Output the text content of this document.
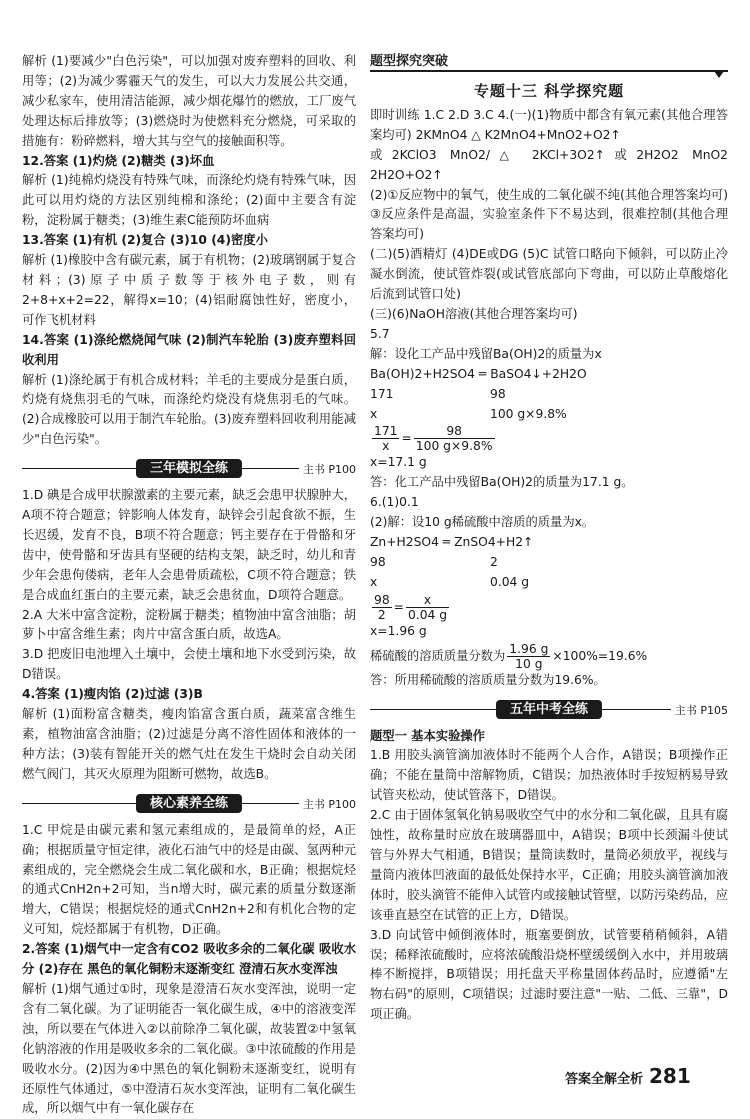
解析 (1)要减少"白色污染"，可以加强对废弃塑料的回收、利用等；(2)为减少雾霾天气的发生，可以大力发展公共交通，减少私家车，使用清洁能源，减少烟花爆竹的燃放，工厂废气处理达标后排放等；(3)燃烧时为使燃料充分燃烧，可采取的措施有：粉碎燃料，增大其与空气的接触面积等。

12.答案 (1)灼烧 (2)糖类 (3)坏血

解析 (1)纯棉灼烧没有特殊气味，而涤纶灼烧有特殊气味，因此可以用灼烧的方法区别纯棉和涤纶；(2)面中主要含有淀粉，淀粉属于糖类；(3)维生素C能预防坏血病

13.答案 (1)有机 (2)复合 (3)10 (4)密度小

解析 (1)橡胶中含有碳元素，属于有机物；(2)玻璃钢属于复合材料；(3)原子中质子数等于核外电子数，则有2+8+x+2=22，解得x=10；(4)铝耐腐蚀性好，密度小，可作飞机材料

14.答案 (1)涤纶燃烧闻气味 (2)制汽车轮胎 (3)废弃塑料回收利用

解析 (1)涤纶属于有机合成材料；羊毛的主要成分是蛋白质，灼烧有烧焦羽毛的气味，而涤纶灼烧没有烧焦羽毛的气味。(2)合成橡胶可以用于制汽车轮胎。(3)废弃塑料回收利用能减少"白色污染"。

三年模拟全练	主书 P100

1.D 碘是合成甲状腺激素的主要元素，缺乏会患甲状腺肿大，A项不符合题意；锌影响人体发育，缺锌会引起食欲不振，生长迟缓，发育不良，B项不符合题意；钙主要存在于骨骼和牙齿中，使骨骼和牙齿具有坚硬的结构支架，缺乏时，幼儿和青少年会患佝偻病，老年人会患骨质疏松，C项不符合题意；铁是合成血红蛋白的主要元素，缺乏会患贫血，D项符合题意。

2.A 大米中富含淀粉，淀粉属于糖类；植物油中富含油脂；胡萝卜中富含维生素；肉片中富含蛋白质，故选A。

3.D 把废旧电池埋入土壤中，会使土壤和地下水受到污染，故D错误。

4.答案 (1)瘦肉馅 (2)过滤 (3)B

解析 (1)面粉富含糖类，瘦肉馅富含蛋白质，蔬菜富含维生素，植物油富含油脂；(2)过滤是分离不溶性固体和液体的一种方法；(3)装有智能开关的燃气灶在发生干烧时会自动关闭燃气阀门，其灭火原理为阻断可燃物，故选B。

核心素养全练	主书 P100

1.C 甲烷是由碳元素和氢元素组成的，是最简单的烃，A正确；根据质量守恒定律，液化石油气中的烃是由碳、氢两种元素组成的，完全燃烧会生成二氧化碳和水，B正确；根据烷烃的通式CnH2n+2可知，当n增大时，碳元素的质量分数逐渐增大，C错误；根据烷烃的通式CnH2n+2和有机化合物的定义可知，烷烃都属于有机物，D正确。

2.答案 (1)烟气中一定含有CO2 吸收多余的二氧化碳 吸收水分 (2)存在 黑色的氧化铜粉末逐渐变红 澄清石灰水变浑浊

解析 (1)烟气通过①时，现象是澄清石灰水变浑浊，说明一定含有二氧化碳。为了证明能否一氧化碳生成，④中的溶液变浑浊，所以要在气体进入②以前除净二氧化碳，故装置②中氢氧化钠溶液的作用是吸收多余的二氧化碳。③中浓硫酸的作用是吸收水分。(2)因为④中黑色的氧化铜粉末逐渐变红，说明有还原性气体通过，⑤中澄清石灰水变浑浊，证明有二氧化碳生成，所以烟气中有一氧化碳存在

题型探究突破
专题十三 科学探究题

即时训练 1.C 2.D 3.C 4.(一)(1)物质中都含有氧元素(其他合理答案均可) 2KMnO4 △ K2MnO4+MnO2+O2↑

或2KClO3 MnO2/△ 2KCl+3O2↑或2H2O2 MnO2 2H2O+O2↑

(2)①反应物中的氧气，使生成的二氧化碳不纯(其他合理答案均可) ③反应条件是高温，实验室条件下不易达到，很难控制(其他合理答案均可)

(二)(5)酒精灯 (4)DE或DG (5)C 试管口略向下倾斜，可以防止冷凝水倒流，使试管炸裂(或试管底部向下弯曲，可以防止草酸熔化后流到试管口处)

(三)(6)NaOH溶液(其他合理答案均可)

5.7

解：设化工产品中残留Ba(OH)2的质量为x

Ba(OH)2+H2SO4 ═ BaSO4↓+2H2O

171	98
x	100 g×9.8%

$\frac{171}{x} = \frac{98}{100 g\times 9.8\%}$

x=17.1 g

答：化工产品中残留Ba(OH)2的质量为17.1 g。

6.(1)0.1

(2)解：设10 g稀硫酸中溶质的质量为x。

Zn+H2SO4 ═ ZnSO4+H2↑

98	2
x	0.04 g

$\frac{98}{2} = \frac{x}{0.04 g}$

x=1.96 g

稀硫酸的溶质质量分数为 $\frac{1.96 g}{10 g} \times 100\%=19.6\%$

答：所用稀硫酸的溶质质量分数为19.6%。

五年中考全练	主书 P105

题型一 基本实验操作

1.B 用胶头滴管滴加液体时不能两个人合作，A错误；B项操作正确；不能在量筒中溶解物质，C错误；加热液体时手按短柄易导致试管夹松动，使试管落下，D错误。

2.C 由于固体氢氧化钠易吸收空气中的水分和二氧化碳，且具有腐蚀性，故称量时应放在玻璃器皿中，A错误；B项中长颈漏斗使试管与外界大气相通，B错误；量筒读数时，量筒必须放平，视线与量筒内液体凹液面的最低处保持水平，C正确；用胶头滴管滴加液体时，胶头滴管不能伸入试管内或接触试管壁，以防污染药品，应该垂直悬空在试管的正上方，D错误。

3.D 向试管中倾倒液体时，瓶塞要倒放，试管要稍稍倾斜，A错误；稀释浓硫酸时，应将浓硫酸沿烧杯壁缓缓倒入水中，并用玻璃棒不断搅拌，B项错误；用托盘天平称量固体药品时，应遵循"左物右码"的原则，C项错误；过滤时要注意"一贴、二低、三靠"，D项正确。

答案全解全析 281
